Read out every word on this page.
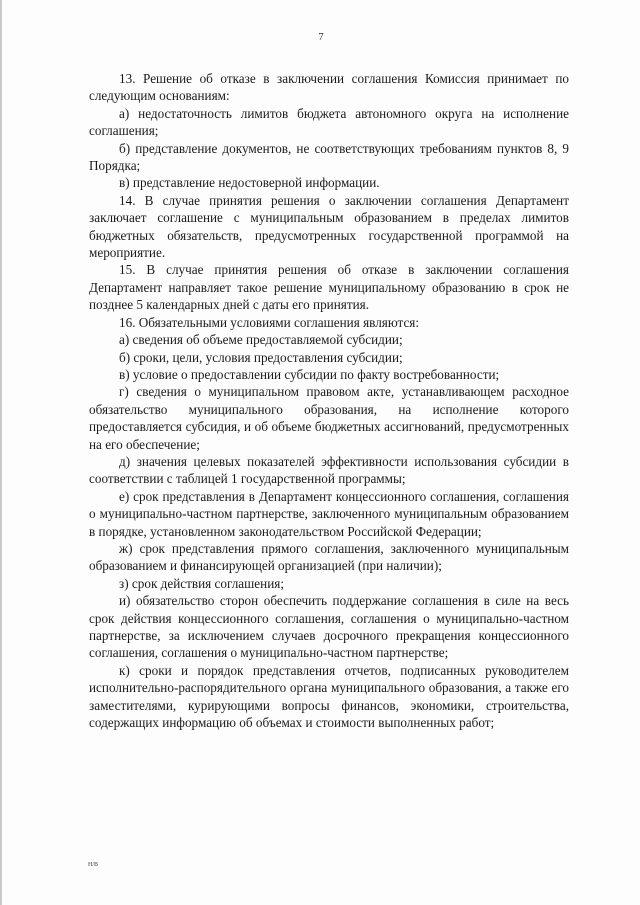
7

13. Решение об отказе в заключении соглашения Комиссия принимает по следующим основаниям:

а) недостаточность лимитов бюджета автономного округа на исполнение соглашения;

б) представление документов, не соответствующих требованиям пунктов 8, 9 Порядка;

в) представление недостоверной информации.

14. В случае принятия решения о заключении соглашения Департамент заключает соглашение с муниципальным образованием в пределах лимитов бюджетных обязательств, предусмотренных государственной программой на мероприятие.

15. В случае принятия решения об отказе в заключении соглашения Департамент направляет такое решение муниципальному образованию в срок не позднее 5 календарных дней с даты его принятия.

16. Обязательными условиями соглашения являются:

а) сведения об объеме предоставляемой субсидии;

б) сроки, цели, условия предоставления субсидии;

в) условие о предоставлении субсидии по факту востребованности;

г) сведения о муниципальном правовом акте, устанавливающем расходное обязательство муниципального образования, на исполнение которого предоставляется субсидия, и об объеме бюджетных ассигнований, предусмотренных на его обеспечение;

д) значения целевых показателей эффективности использования субсидии в соответствии с таблицей 1 государственной программы;

е) срок представления в Департамент концессионного соглашения, соглашения о муниципально-частном партнерстве, заключенного муниципальным образованием в порядке, установленном законодательством Российской Федерации;

ж) срок представления прямого соглашения, заключенного муниципальным образованием и финансирующей организацией (при наличии);

з) срок действия соглашения;

и) обязательство сторон обеспечить поддержание соглашения в силе на весь срок действия концессионного соглашения, соглашения о муниципально-частном партнерстве, за исключением случаев досрочного прекращения концессионного соглашения, соглашения о муниципально-частном партнерстве;

к) сроки и порядок представления отчетов, подписанных руководителем исполнительно-распорядительного органа муниципального образования, а также его заместителями, курирующими вопросы финансов, экономики, строительства, содержащих информацию об объемах и стоимости выполненных работ;

H/B
